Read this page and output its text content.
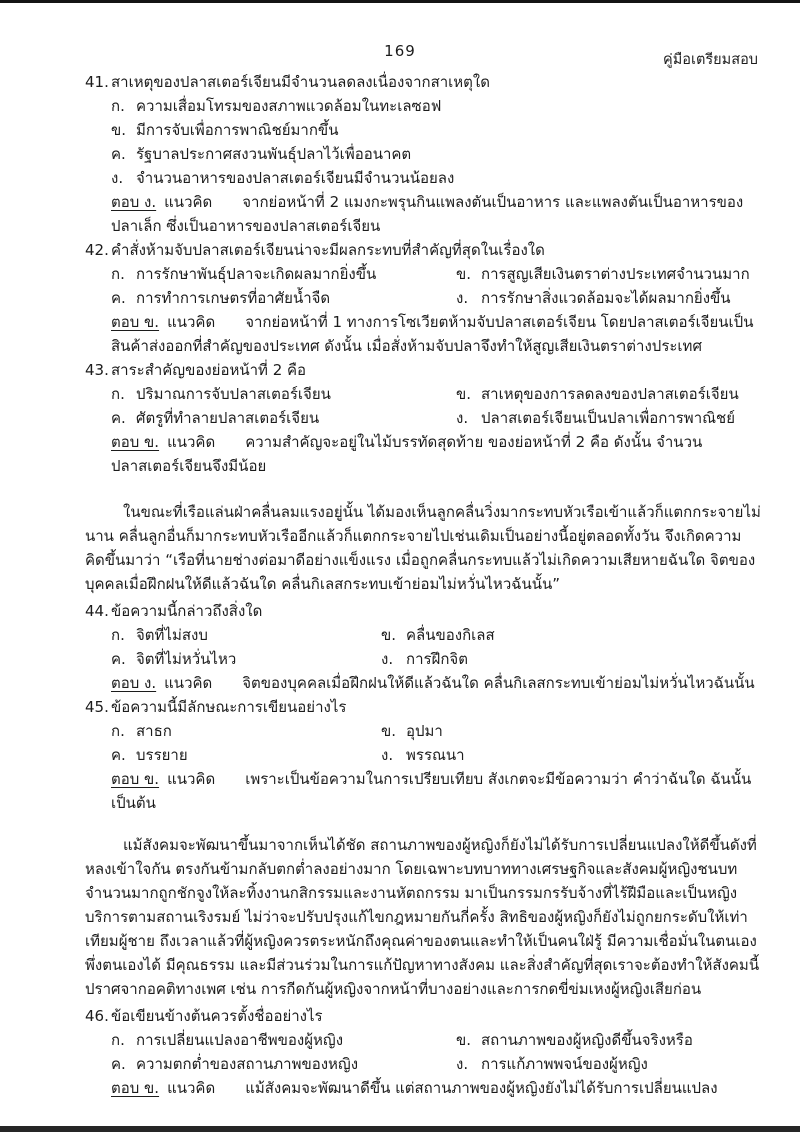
169	คู่มือเตรียมสอบ
41. สาเหตุของปลาสเตอร์เจียนมีจำนวนลดลงเนื่องจากสาเหตุใด
ก. ความเสื่อมโทรมของสภาพแวดล้อมในทะเลซอฟ
ข. มีการจับเพื่อการพาณิชย์มากขึ้น
ค. รัฐบาลประกาศสงวนพันธุ์ปลาไว้เพื่ออนาคต
ง. จำนวนอาหารของปลาสเตอร์เจียนมีจำนวนน้อยลง

ตอบ ง. แนวคิด จากย่อหน้าที่ 2 แมงกะพรุนกินแพลงตันเป็นอาหาร และแพลงตันเป็นอาหารของปลาเล็ก ซึ่งเป็นอาหารของปลาสเตอร์เจียน

42. คำสั่งห้ามจับปลาสเตอร์เจียนน่าจะมีผลกระทบที่สำคัญที่สุดในเรื่องใด
ก. การรักษาพันธุ์ปลาจะเกิดผลมากยิ่งขึ้น	ข. การสูญเสียเงินตราต่างประเทศจำนวนมาก
ค. การทำการเกษตรที่อาศัยน้ำจืด	ง. การรักษาสิ่งแวดล้อมจะได้ผลมากยิ่งขึ้น

ตอบ ข. แนวคิด จากย่อหน้าที่ 1 ทางการโซเวียตห้ามจับปลาสเตอร์เจียน โดยปลาสเตอร์เจียนเป็นสินค้าส่งออกที่สำคัญของประเทศ ดังนั้น เมื่อสั่งห้ามจับปลาจึงทำให้สูญเสียเงินตราต่างประเทศ

43. สาระสำคัญของย่อหน้าที่ 2 คือ
ก. ปริมาณการจับปลาสเตอร์เจียน	ข. สาเหตุของการลดลงของปลาสเตอร์เจียน
ค. ศัตรูที่ทำลายปลาสเตอร์เจียน	ง. ปลาสเตอร์เจียนเป็นปลาเพื่อการพาณิชย์

ตอบ ข. แนวคิด ความสำคัญจะอยู่ในไม้บรรทัดสุดท้าย ของย่อหน้าที่ 2 คือ ดังนั้น จำนวนปลาสเตอร์เจียนจึงมีน้อย

ในขณะที่เรือแล่นฝ่าคลื่นลมแรงอยู่นั้น ได้มองเห็นลูกคลื่นวิ่งมากระทบหัวเรือเข้าแล้วก็แตกกระจายไม่นาน คลื่นลูกอื่นก็มากระทบหัวเรืออีกแล้วก็แตกกระจายไปเช่นเดิมเป็นอย่างนี้อยู่ตลอดทั้งวัน จึงเกิดความคิดขึ้นมาว่า “เรือที่นายช่างต่อมาดีอย่างแข็งแรง เมื่อถูกคลื่นกระทบแล้วไม่เกิดความเสียหายฉันใด จิตของบุคคลเมื่อฝึกฝนให้ดีแล้วฉันใด คลื่นกิเลสกระทบเข้าย่อมไม่หวั่นไหวฉันนั้น”

44. ข้อความนี้กล่าวถึงสิ่งใด
ก. จิตที่ไม่สงบ	ข. คลื่นของกิเลส
ค. จิตที่ไม่หวั่นไหว	ง. การฝึกจิต

ตอบ ง. แนวคิด จิตของบุคคลเมื่อฝึกฝนให้ดีแล้วฉันใด คลื่นกิเลสกระทบเข้าย่อมไม่หวั่นไหวฉันนั้น

45. ข้อความนี้มีลักษณะการเขียนอย่างไร
ก. สาธก	ข. อุปมา
ค. บรรยาย	ง. พรรณนา

ตอบ ข. แนวคิด เพราะเป็นข้อความในการเปรียบเทียบ สังเกตจะมีข้อความว่า คำว่าฉันใด ฉันนั้น เป็นต้น

แม้สังคมจะพัฒนาขึ้นมาจากเห็นได้ชัด สถานภาพของผู้หญิงก็ยังไม่ได้รับการเปลี่ยนแปลงให้ดีขึ้นดังที่หลงเข้าใจกัน ตรงกันข้ามกลับตกต่ำลงอย่างมาก โดยเฉพาะบทบาททางเศรษฐกิจและสังคมผู้หญิงชนบทจำนวนมากถูกชักจูงให้ละทิ้งงานกสิกรรมและงานหัตถกรรม มาเป็นกรรมกรรับจ้างที่ไร้ฝีมือและเป็นหญิงบริการตามสถานเริงรมย์ ไม่ว่าจะปรับปรุงแก้ไขกฎหมายกันกี่ครั้ง สิทธิของผู้หญิงก็ยังไม่ถูกยกระดับให้เท่าเทียมผู้ชาย ถึงเวลาแล้วที่ผู้หญิงควรตระหนักถึงคุณค่าของตนและทำให้เป็นคนใฝ่รู้ มีความเชื่อมั่นในตนเอง พึ่งตนเองได้ มีคุณธรรม และมีส่วนร่วมในการแก้ปัญหาทางสังคม และสิ่งสำคัญที่สุดเราจะต้องทำให้สังคมนี้ปราศจากอคติทางเพศ เช่น การกีดกันผู้หญิงจากหน้าที่บางอย่างและการกดขี่ข่มเหงผู้หญิงเสียก่อน

46. ข้อเขียนข้างต้นควรตั้งชื่ออย่างไร
ก. การเปลี่ยนแปลงอาชีพของผู้หญิง	ข. สถานภาพของผู้หญิงดีขึ้นจริงหรือ
ค. ความตกต่ำของสถานภาพของหญิง	ง. การแก้ภาพพจน์ของผู้หญิง

ตอบ ข. แนวคิด แม้สังคมจะพัฒนาดีขึ้น แต่สถานภาพของผู้หญิงยังไม่ได้รับการเปลี่ยนแปลง
